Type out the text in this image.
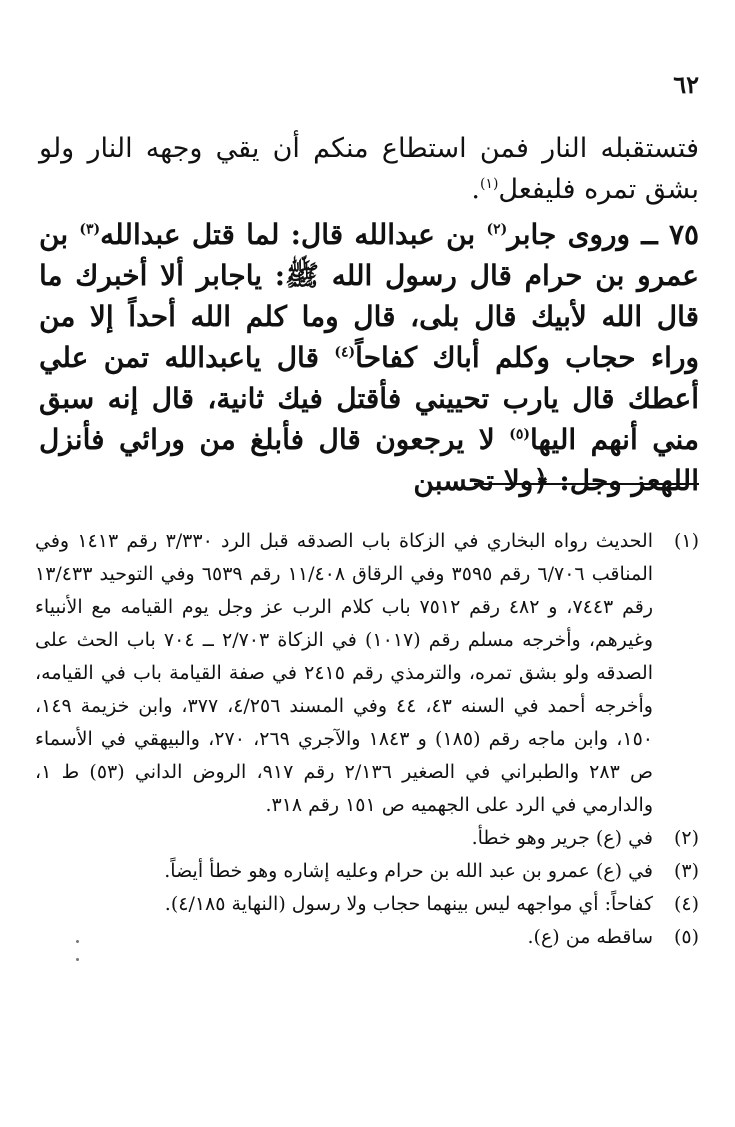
٦٢

فتستقبله النار فمن استطاع منكم أن يقي وجهه النار ولو بشق تمره فليفعل$^{(١)}$.

٧٥ ــ وروى جابر$^{(٢)}$ بن عبدالله قال: لما قتل عبدالله$^{(٣)}$ بن عمرو بن حرام قال رسول الله ﷺ: ياجابر ألا أخبرك ما قال الله لأبيك قال بلى، قال وما كلم الله أحداً إلا من وراء حجاب وكلم أباك كفاحاً$^{(٤)}$ قال ياعبدالله تمن علي أعطك قال يارب تحييني فأقتل فيك ثانية، قال إنه سبق مني أنهم اليها$^{(٥)}$ لا يرجعون قال فأبلغ من ورائي فأنزل اللهعز وجل: ﴿ولا تحسبن

(١)
الحديث رواه البخاري في الزكاة باب الصدقه قبل الرد ٣/٣٣٠ رقم ١٤١٣ وفي المناقب ٦/٧٠٦ رقم ٣٥٩٥ وفي الرقاق ١١/٤٠٨ رقم ٦٥٣٩ وفي التوحيد ١٣/٤٣٣ رقم ٧٤٤٣، و ٤٨٢ رقم ٧٥١٢ باب كلام الرب عز وجل يوم القيامه مع الأنبياء وغيرهم، وأخرجه مسلم رقم (١٠١٧) في الزكاة ٢/٧٠٣ ــ ٧٠٤ باب الحث على الصدقه ولو بشق تمره، والترمذي رقم ٢٤١٥ في صفة القيامة باب في القيامه، وأخرجه أحمد في السنه ٤٣، ٤٤ وفي المسند ٤/٢٥٦، ٣٧٧، وابن خزيمة ١٤٩، ١٥٠، وابن ماجه رقم (١٨٥) و ١٨٤٣ والآجري ٢٦٩، ٢٧٠، والبيهقي في الأسماء ص ٢٨٣ والطبراني في الصغير ٢/١٣٦ رقم ٩١٧، الروض الداني (٥٣) ط ١، والدارمي في الرد على الجهميه ص ١٥١ رقم ٣١٨.
(٢)
في (ع) جرير وهو خطأ.
(٣)
في (ع) عمرو بن عبد الله بن حرام وعليه إشاره وهو خطأ أيضاً.
(٤)
كفاحاً: أي مواجهه ليس بينهما حجاب ولا رسول (النهاية ٤/١٨٥).
(٥)
ساقطه من (ع).
